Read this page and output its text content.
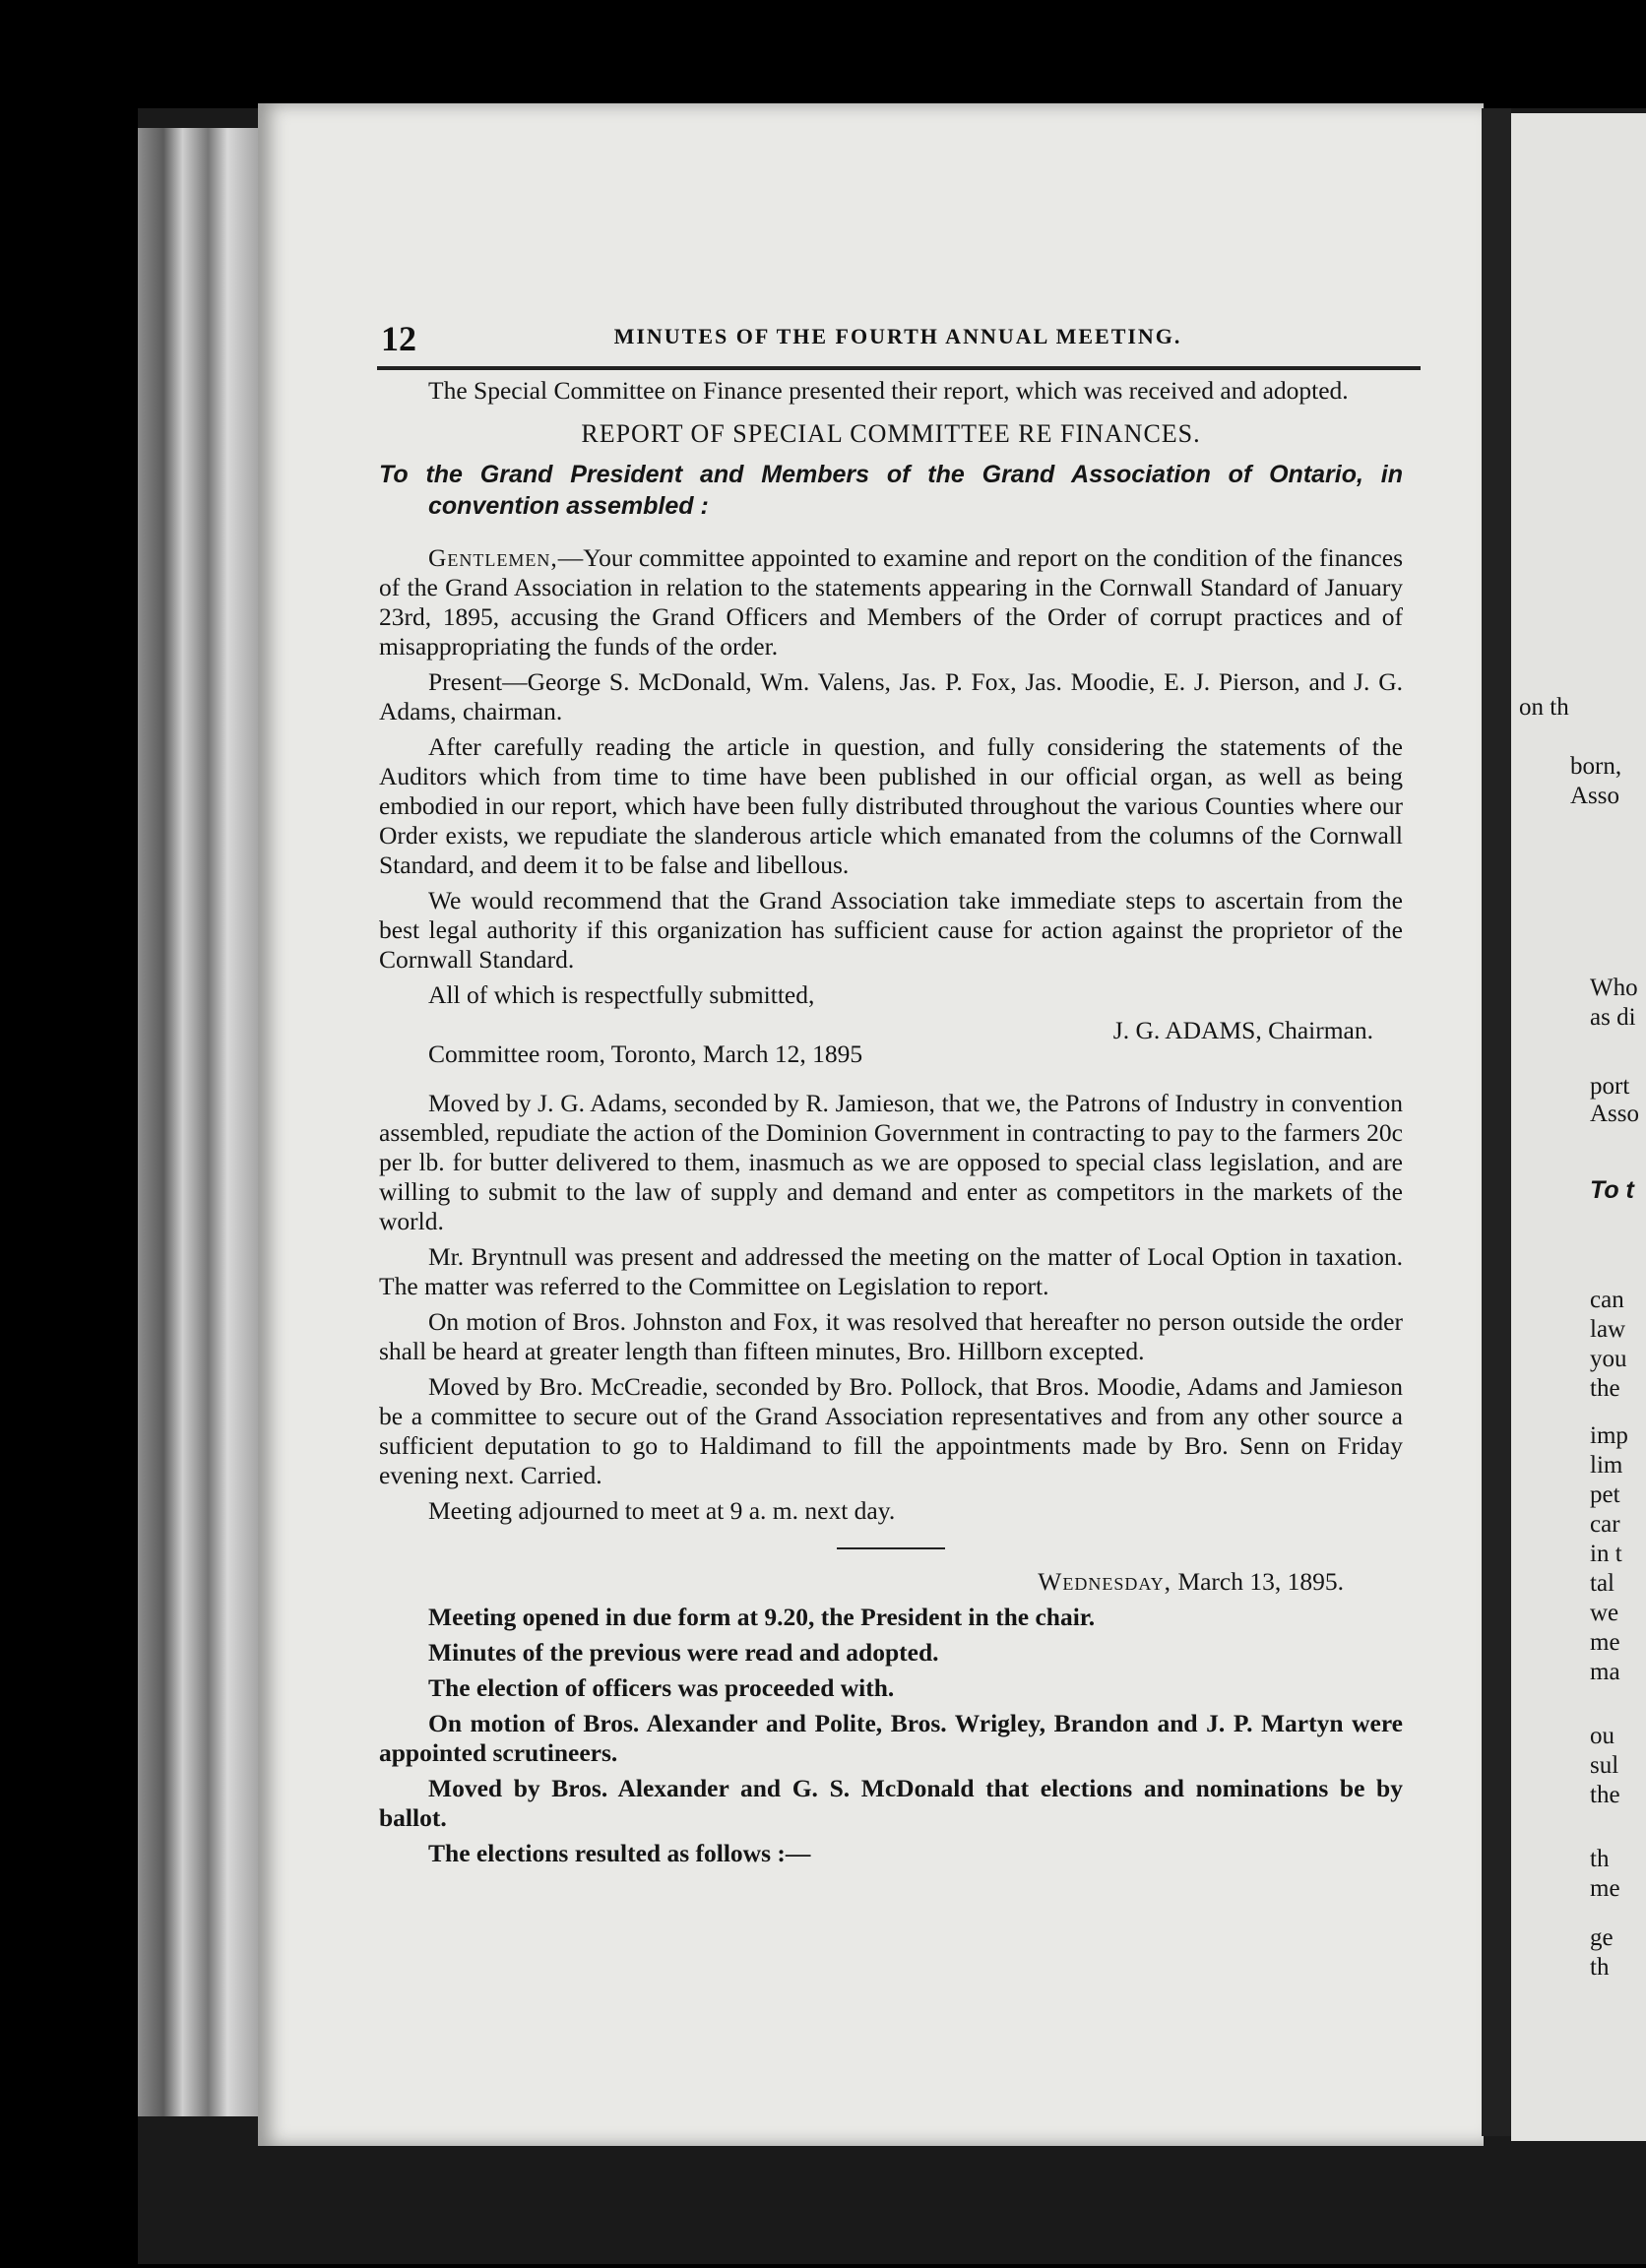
on th
born,
Asso
Who
as di
port
Asso
To t
can
law
you
the
imp
lim
pet
car
in t
tal
we
me
ma
ou
sul
the
th
me
ge
th
12	MINUTES OF THE FOURTH ANNUAL MEETING.

The Special Committee on Finance presented their report, which was received and adopted.

REPORT OF SPECIAL COMMITTEE RE FINANCES.
To the Grand President and Members of the Grand Association of Ontario, in convention assembled :

Gentlemen,—Your committee appointed to examine and report on the condition of the finances of the Grand Association in relation to the statements appearing in the Cornwall Standard of January 23rd, 1895, accusing the Grand Officers and Members of the Order of corrupt practices and of misappropriating the funds of the order.

Present—George S. McDonald, Wm. Valens, Jas. P. Fox, Jas. Moodie, E. J. Pierson, and J. G. Adams, chairman.

After carefully reading the article in question, and fully considering the statements of the Auditors which from time to time have been published in our official organ, as well as being embodied in our report, which have been fully distributed throughout the various Counties where our Order exists, we repudiate the slanderous article which emanated from the columns of the Cornwall Standard, and deem it to be false and libellous.

We would recommend that the Grand Association take immediate steps to ascertain from the best legal authority if this organization has sufficient cause for action against the proprietor of the Cornwall Standard.

All of which is respectfully submitted,

J. G. ADAMS, Chairman.
Committee room, Toronto, March 12, 1895

Moved by J. G. Adams, seconded by R. Jamieson, that we, the Patrons of Industry in convention assembled, repudiate the action of the Dominion Government in contracting to pay to the farmers 20c per lb. for butter delivered to them, inasmuch as we are opposed to special class legislation, and are willing to submit to the law of supply and demand and enter as competitors in the markets of the world.

Mr. Bryntnull was present and addressed the meeting on the matter of Local Option in taxation. The matter was referred to the Committee on Legislation to report.

On motion of Bros. Johnston and Fox, it was resolved that hereafter no person outside the order shall be heard at greater length than fifteen minutes, Bro. Hillborn excepted.

Moved by Bro. McCreadie, seconded by Bro. Pollock, that Bros. Moodie, Adams and Jamieson be a committee to secure out of the Grand Association representatives and from any other source a sufficient deputation to go to Haldimand to fill the appointments made by Bro. Senn on Friday evening next. Carried.

Meeting adjourned to meet at 9 a. m. next day.

Wednesday, March 13, 1895.

Meeting opened in due form at 9.20, the President in the chair.

Minutes of the previous were read and adopted.

The election of officers was proceeded with.

On motion of Bros. Alexander and Polite, Bros. Wrigley, Brandon and J. P. Martyn were appointed scrutineers.

Moved by Bros. Alexander and G. S. McDonald that elections and nominations be by ballot.

The elections resulted as follows :—
